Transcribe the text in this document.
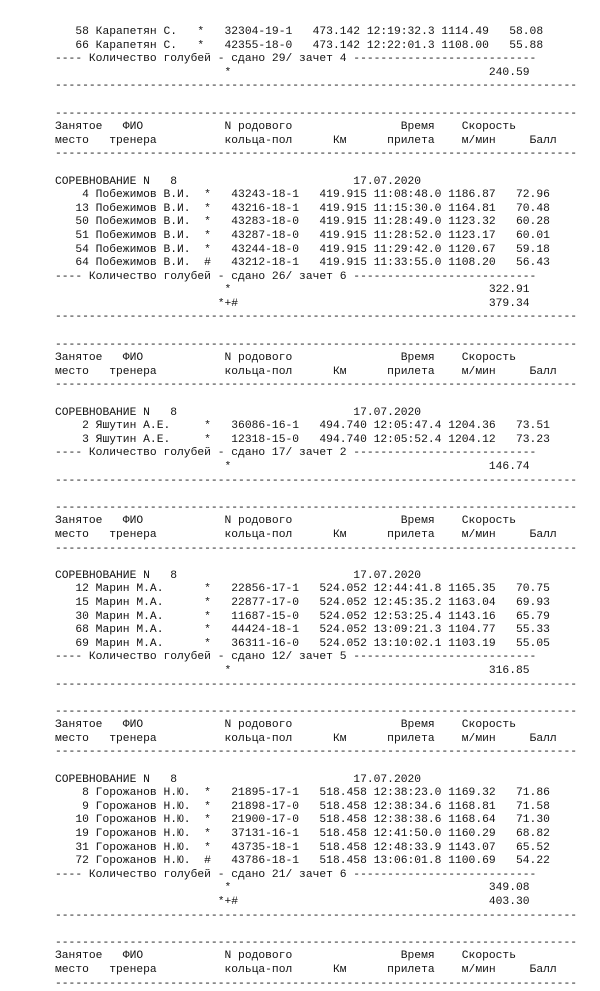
58 Карапетян С.   *   32304-19-1   473.142 12:19:32.3 1114.49   58.08
66 Карапетян С.   *   42355-18-0   473.142 12:22:01.3 1108.00   55.88
---- Количество голубей - сдано 29/ зачет 4 ---------------------------
*                                      240.59
-----------------------------------------------------------------------------
-----------------------------------------------------------------------------
Занятое   ФИО            N родового                Время    Скорость
место   тренера          кольца-пол      Км      прилета    м/мин     Балл
-----------------------------------------------------------------------------
СОРЕВНОВАНИЕ N   8                          17.07.2020
4 Побежимов В.И.  *   43243-18-1   419.915 11:08:48.0 1186.87   72.96
13 Побежимов В.И.  *   43216-18-1   419.915 11:15:30.0 1164.81   70.48
50 Побежимов В.И.  *   43283-18-0   419.915 11:28:49.0 1123.32   60.28
51 Побежимов В.И.  *   43287-18-0   419.915 11:28:52.0 1123.17   60.01
54 Побежимов В.И.  *   43244-18-0   419.915 11:29:42.0 1120.67   59.18
64 Побежимов В.И.  #   43212-18-1   419.915 11:33:55.0 1108.20   56.43
---- Количество голубей - сдано 26/ зачет 6 ---------------------------
*                                      322.91
*+#                                     379.34
-----------------------------------------------------------------------------
-----------------------------------------------------------------------------
Занятое   ФИО            N родового                Время    Скорость
место   тренера          кольца-пол      Км      прилета    м/мин     Балл
-----------------------------------------------------------------------------
СОРЕВНОВАНИЕ N   8                          17.07.2020
2 Яшутин А.Е.     *   36086-16-1   494.740 12:05:47.4 1204.36   73.51
3 Яшутин А.Е.     *   12318-15-0   494.740 12:05:52.4 1204.12   73.23
---- Количество голубей - сдано 17/ зачет 2 ---------------------------
*                                      146.74
-----------------------------------------------------------------------------
-----------------------------------------------------------------------------
Занятое   ФИО            N родового                Время    Скорость
место   тренера          кольца-пол      Км      прилета    м/мин     Балл
-----------------------------------------------------------------------------
СОРЕВНОВАНИЕ N   8                          17.07.2020
12 Марин М.А.      *   22856-17-1   524.052 12:44:41.8 1165.35   70.75
15 Марин М.А.      *   22877-17-0   524.052 12:45:35.2 1163.04   69.93
30 Марин М.А.      *   11687-15-0   524.052 12:53:25.4 1143.16   65.79
68 Марин М.А.      *   44424-18-1   524.052 13:09:21.3 1104.77   55.33
69 Марин М.А.      *   36311-16-0   524.052 13:10:02.1 1103.19   55.05
---- Количество голубей - сдано 12/ зачет 5 ---------------------------
*                                      316.85
-----------------------------------------------------------------------------
-----------------------------------------------------------------------------
Занятое   ФИО            N родового                Время    Скорость
место   тренера          кольца-пол      Км      прилета    м/мин     Балл
-----------------------------------------------------------------------------
СОРЕВНОВАНИЕ N   8                          17.07.2020
8 Горожанов Н.Ю.  *   21895-17-1   518.458 12:38:23.0 1169.32   71.86
9 Горожанов Н.Ю.  *   21898-17-0   518.458 12:38:34.6 1168.81   71.58
10 Горожанов Н.Ю.  *   21900-17-0   518.458 12:38:38.6 1168.64   71.30
19 Горожанов Н.Ю.  *   37131-16-1   518.458 12:41:50.0 1160.29   68.82
31 Горожанов Н.Ю.  *   43735-18-1   518.458 12:48:33.9 1143.07   65.52
72 Горожанов Н.Ю.  #   43786-18-1   518.458 13:06:01.8 1100.69   54.22
---- Количество голубей - сдано 21/ зачет 6 ---------------------------
*                                      349.08
*+#                                     403.30
-----------------------------------------------------------------------------
-----------------------------------------------------------------------------
Занятое   ФИО            N родового                Время    Скорость
место   тренера          кольца-пол      Км      прилета    м/мин     Балл
-----------------------------------------------------------------------------
